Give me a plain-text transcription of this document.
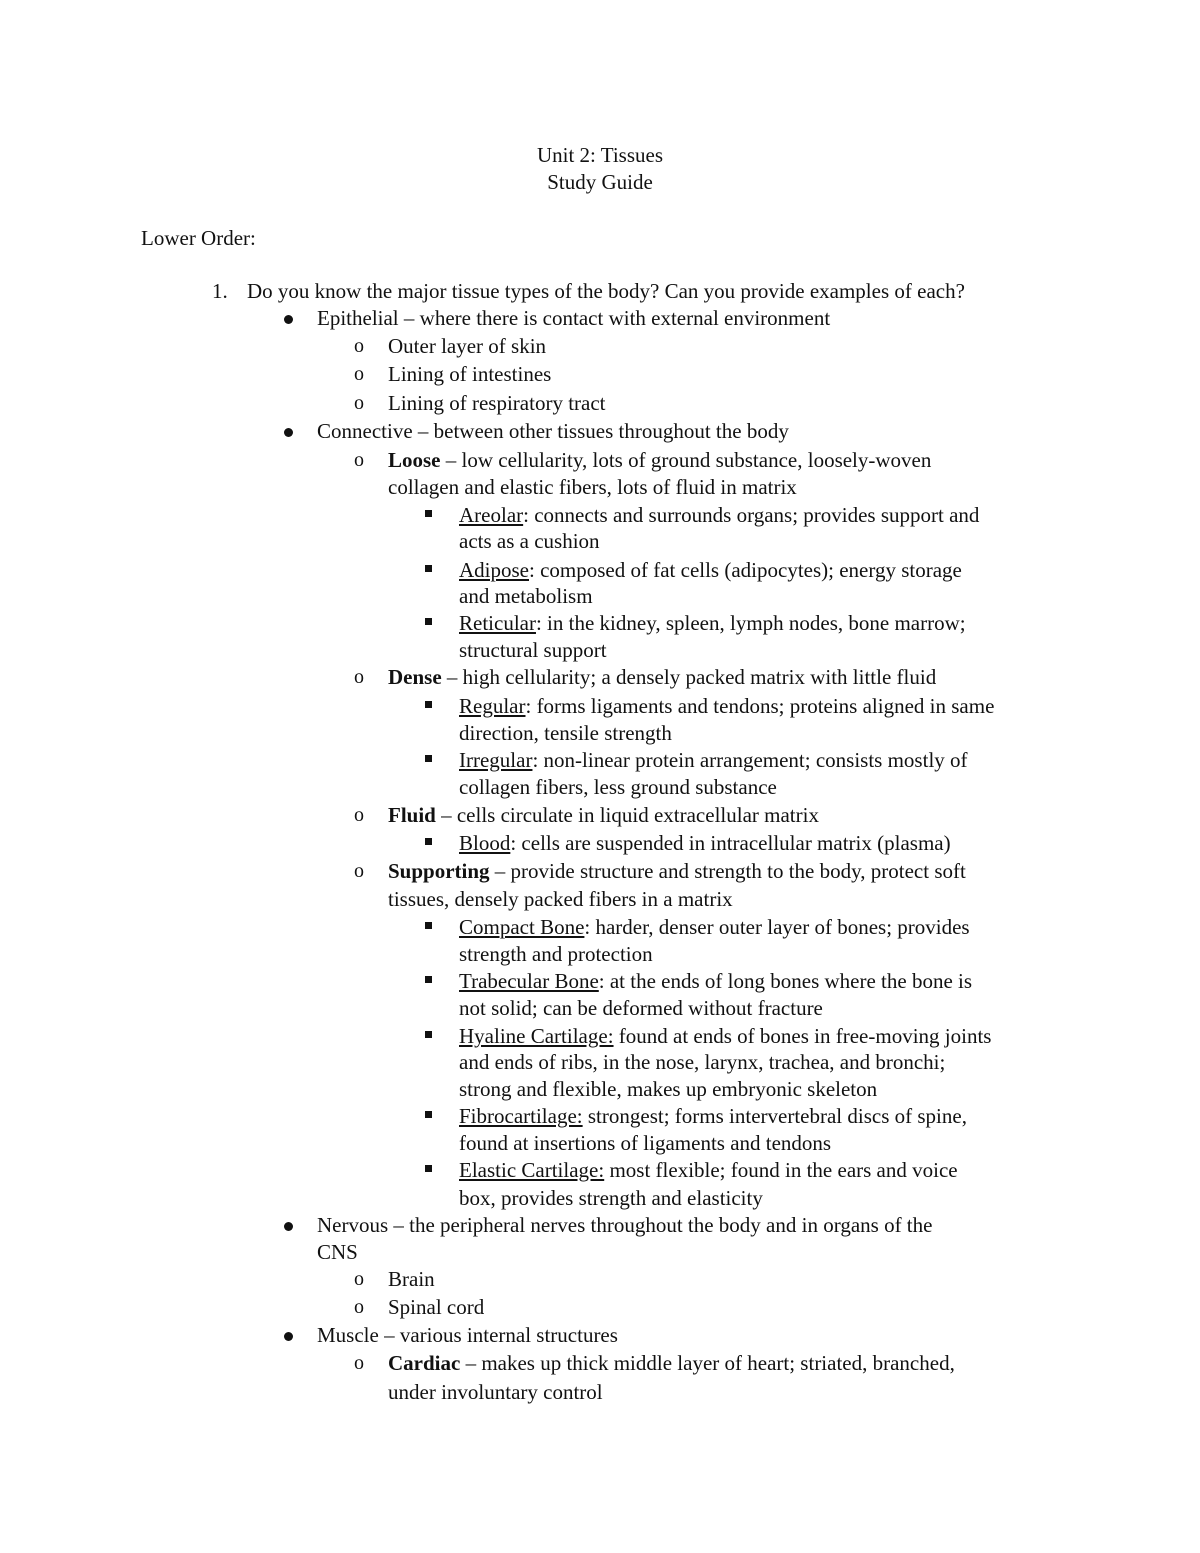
Unit 2: Tissues
Study Guide
Lower Order:
1. Do you know the major tissue types of the body? Can you provide examples of each?
Epithelial – where there is contact with external environment
o Outer layer of skin
o Lining of intestines
o Lining of respiratory tract
Connective – between other tissues throughout the body
o Loose – low cellularity, lots of ground substance, loosely-woven
collagen and elastic fibers, lots of fluid in matrix
Areolar: connects and surrounds organs; provides support and
acts as a cushion
Adipose: composed of fat cells (adipocytes); energy storage
and metabolism
Reticular: in the kidney, spleen, lymph nodes, bone marrow;
structural support
o Dense – high cellularity; a densely packed matrix with little fluid
Regular: forms ligaments and tendons; proteins aligned in same
direction, tensile strength
Irregular: non-linear protein arrangement; consists mostly of
collagen fibers, less ground substance
o Fluid – cells circulate in liquid extracellular matrix
Blood: cells are suspended in intracellular matrix (plasma)
o Supporting – provide structure and strength to the body, protect soft
tissues, densely packed fibers in a matrix
Compact Bone: harder, denser outer layer of bones; provides
strength and protection
Trabecular Bone: at the ends of long bones where the bone is
not solid; can be deformed without fracture
Hyaline Cartilage: found at ends of bones in free-moving joints
and ends of ribs, in the nose, larynx, trachea, and bronchi;
strong and flexible, makes up embryonic skeleton
Fibrocartilage: strongest; forms intervertebral discs of spine,
found at insertions of ligaments and tendons
Elastic Cartilage: most flexible; found in the ears and voice
box, provides strength and elasticity
Nervous – the peripheral nerves throughout the body and in organs of the
CNS
o Brain
o Spinal cord
Muscle – various internal structures
o Cardiac – makes up thick middle layer of heart; striated, branched,
under involuntary control
